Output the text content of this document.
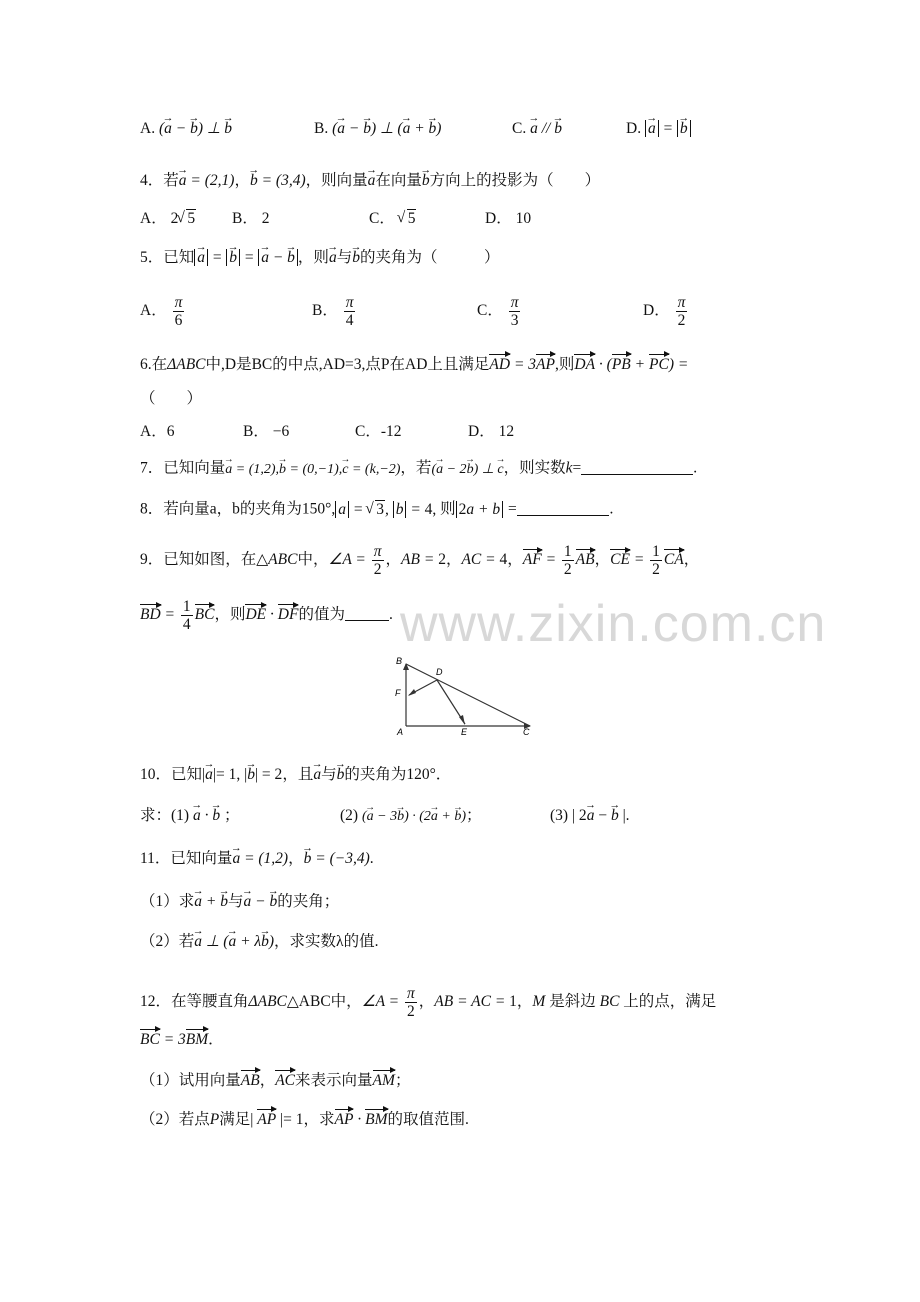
A. (→ a − → b) ⊥ → b	B. (→ a − → b) ⊥ (→ a + → b)	C. → a // → b	D. → a = → b
4．若→ a = (2,1)，→ b = (3,4)，则向量→ a在向量→ b方向上的投影为（　　）
A． 2 √ 5 B． 2	C． √ 5	D． 10
5．已知 → a = → b = → a − → b ，则→ a与→ b的夹角为（　　　）
A． $\frac{\pi}{6}$	B． $\frac{\pi}{4}$	C． $\frac{\pi}{3}$	D． $\frac{\pi}{2}$
6.在ΔABC中,D是BC的中点,AD=3,点P在AD上且满足AD = 3AP,则DA · (PB + PC) =
（　　）
A．6	B． −6	C．-12	D． 12
7．已知向量→ a = (1,2),→ b = (0,−1),→ c = (k,−2)，若(→ a − 2→ b) ⊥ → c，则实数k=	.
8．若向量a，b的夹角为150°, a = √ 3, b = 4, 则 2a + b =	.
9．已知如图，在△ABC中，∠A = $\frac{\pi}{2}$ ，AB = 2，AC = 4，AF = $\frac{1}{2}$ AB，CE = $\frac{1}{2}$ CA，
BD = $\frac{1}{4}$ BC，则DE · DF的值为	. www.zixin.com.cn
B
D
F
A	E	C
10．已知|→ a|= 1, |→ b| = 2，且→ a与→ b的夹角为120°．
求：(1) → a · → b ；	(2) (→ a − 3→ b) · (2→ a + → b)；	(3) | 2→ a − → b |.
11．已知向量→ a = (1,2)，→ b = (−3,4).
（1）求→ a + → b与→ a − → b的夹角；
（2）若→ a ⊥ (→ a + λ→ b)，求实数λ的值.
12．在等腰直角ΔABC△ABC中，∠A = $\frac{\pi}{2}$ ，AB = AC = 1，M 是斜边 BC 上的点，满足
BC = 3BM．
（1）试用向量AB，AC来表示向量AM；
（2）若点P满足| AP |= 1，求AP · BM的取值范围.
